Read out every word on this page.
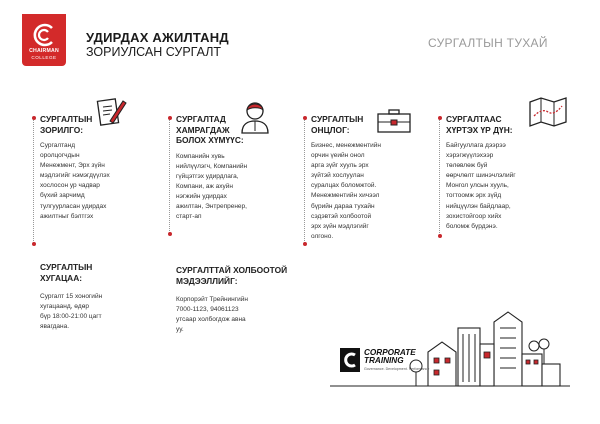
CHAIRMAN
COLLEGE
УДИРДАХ АЖИЛТАНД
ЗОРИУЛСАН СУРГАЛТ
СУРГАЛТЫН ТУХАЙ
СУРГАЛТЫН
ЗОРИЛГО:
Сургалтанд
оролцогчдын
Менежмент, Эрх зүйн
мэдлэгийг нэмэгдүүлэх
хослосон ур чадвар
бүхий зарчимд
тулгуурласан удирдах
ажилтныг бэлтгэх
СУРГАЛТАД
ХАМРАГДАЖ
БОЛОХ ХҮМҮҮС:
Компанийн хувь
нийлүүлэгч, Компанийн
гүйцэтгэх удирдлага,
Компани, аж ахуйн
нэгжийн удирдах
ажилтан, Энтрепренер,
старт-ап
СУРГАЛТЫН
ОНЦЛОГ:
Бизнес, менежментийн
орчин үеийн онол
арга зүйг хууль эрх
зүйтэй хослуулан
суралцах боломжтой.
Менежментийн хичээл
бүрийн дараа тухайн
сэдэвтэй холбоотой
эрх зүйн мэдлэгийг
олгоно.
СУРГАЛТААС
ХҮРТЭХ ҮР ДҮН:
Байгууллага дээрээ
хэрэгжүүлэхээр
төлөвлөж буй
өөрчлөлт шинэчлэлийг
Монгол улсын хууль,
тогтоомж эрх зүйд
нийцүүлэн байдлаар,
зохистойгоор хийх
боломж бүрдэнэ.
СУРГАЛТЫН
ХУГАЦАА:
Сургалт 15 хоногийн
хугацаанд, өдөр
бүр 18:00-21:00 цагт
явагдана.
СУРГАЛТТАЙ ХОЛБООТОЙ
МЭДЭЭЛЛИЙГ:
Корпорэйт Трейнингийн
7000-1123, 94061123
утсаар холбогдож авна
уу.
CORPORATE
TRAINING
Governance. Development. Performance
